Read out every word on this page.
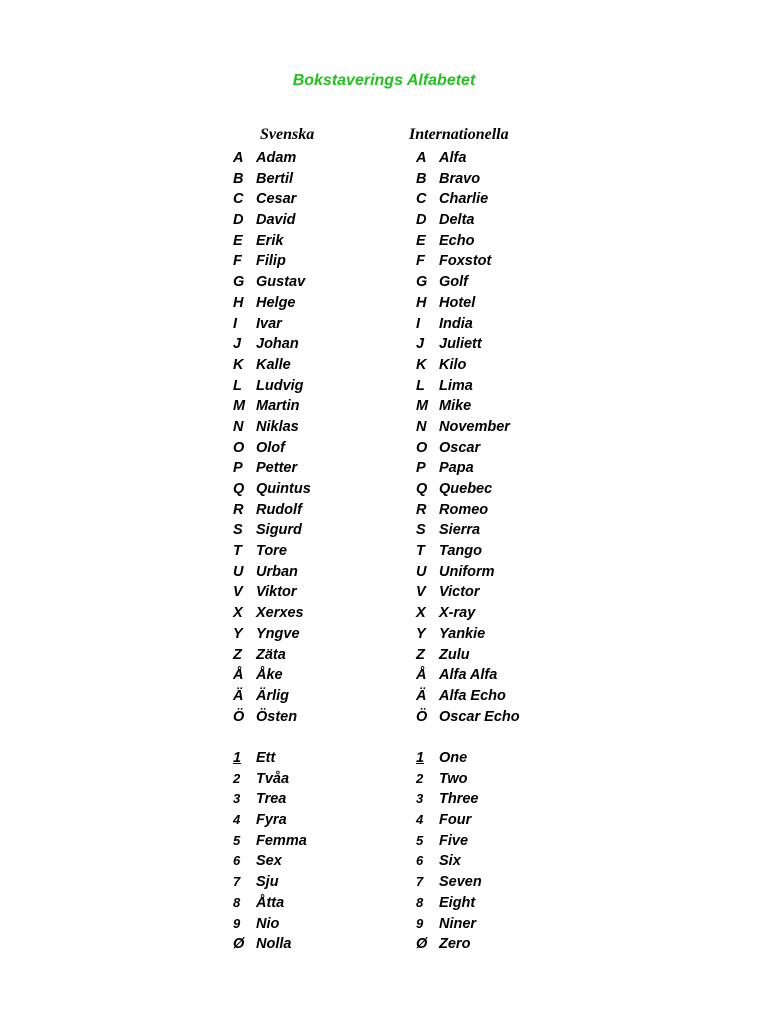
Bokstaverings Alfabetet
Svenska	Internationella
A Adam
B Bertil
C Cesar
D David
E Erik
F Filip
G Gustav
H Helge
I Ivar
J Johan
K Kalle
L Ludvig
M Martin
N Niklas
O Olof
P Petter
Q Quintus
R Rudolf
S Sigurd
T Tore
U Urban
V Viktor
X Xerxes
Y Yngve
Z Zäta
Å Åke
Ä Ärlig
Ö Östen
1 Ett
2 Tvåa
3 Trea
4 Fyra
5 Femma
6 Sex
7 Sju
8 Åtta
9 Nio
Ø Nolla
A Alfa
B Bravo
C Charlie
D Delta
E Echo
F Foxstot
G Golf
H Hotel
I India
J Juliett
K Kilo
L Lima
M Mike
N November
O Oscar
P Papa
Q Quebec
R Romeo
S Sierra
T Tango
U Uniform
V Victor
X X-ray
Y Yankie
Z Zulu
Å Alfa Alfa
Ä Alfa Echo
Ö Oscar Echo
1 One
2 Two
3 Three
4 Four
5 Five
6 Six
7 Seven
8 Eight
9 Niner
Ø Zero
